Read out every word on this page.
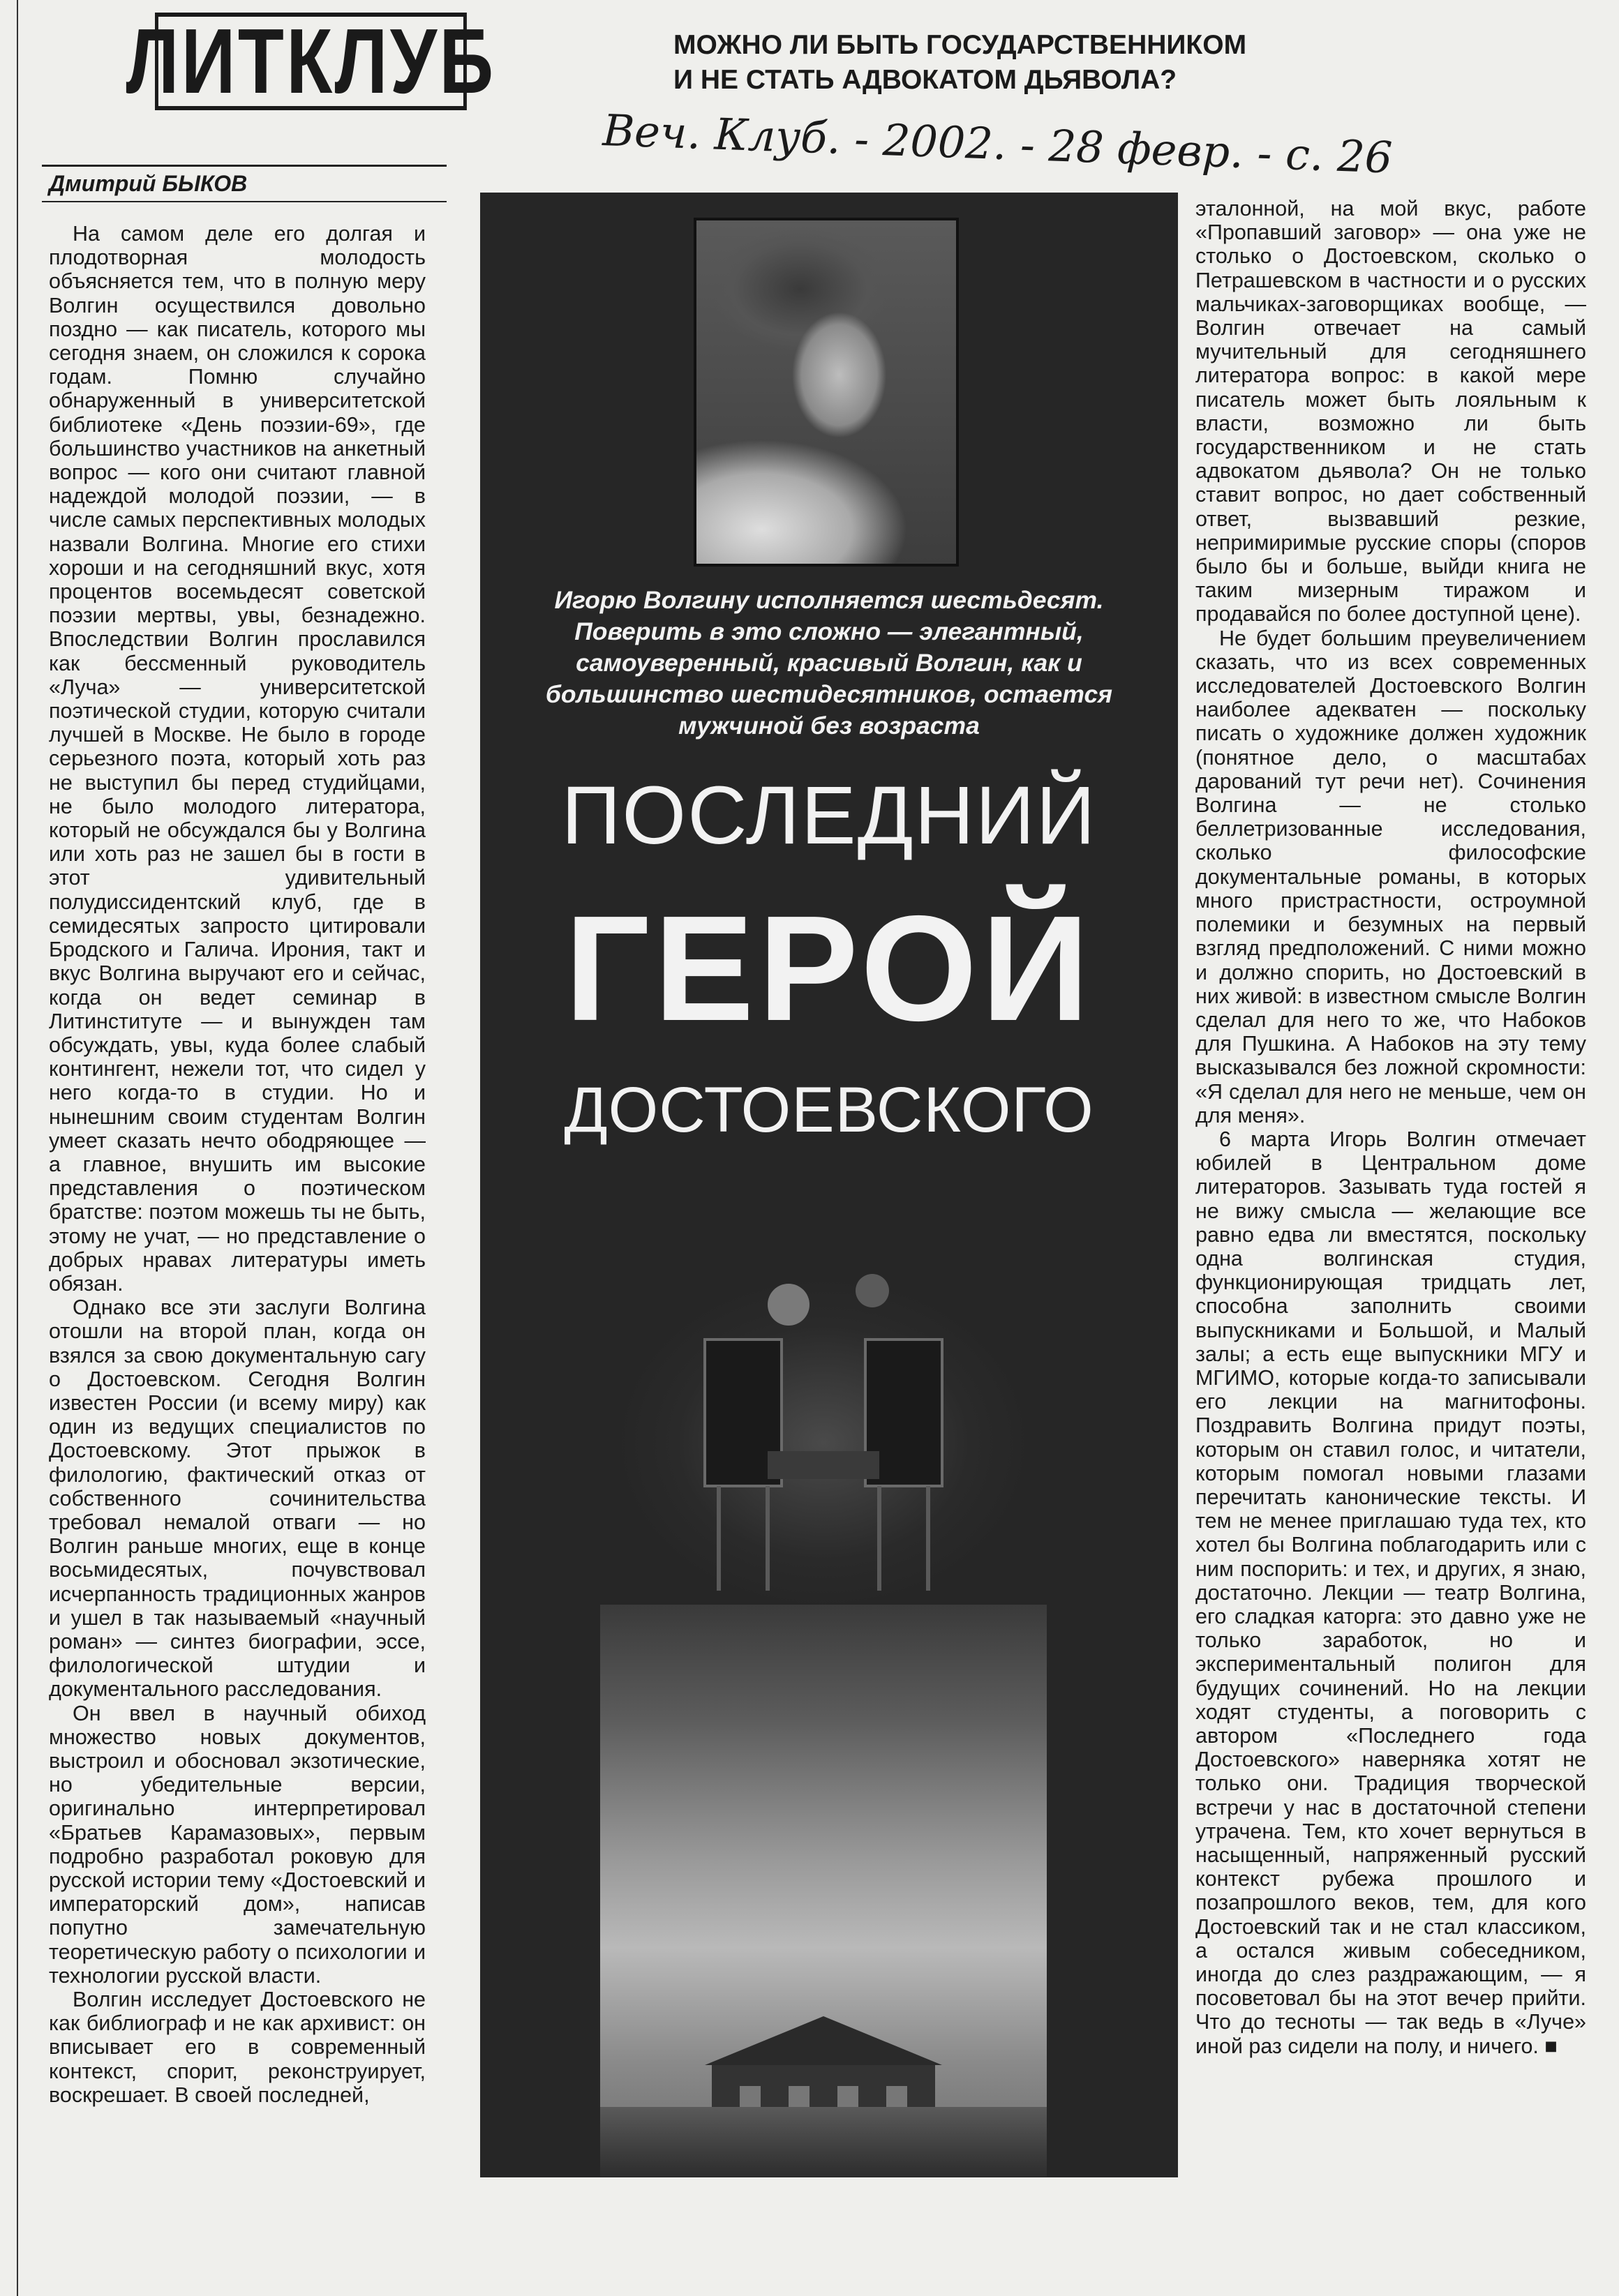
ЛИТКЛУБ	МОЖНО ЛИ БЫТЬ ГОСУДАРСТВЕННИКОМ
И НЕ СТАТЬ АДВОКАТОМ ДЬЯВОЛА?
Веч. Клуб. - 2002. - 28 февр. - с. 26
Дмитрий БЫКОВ

На самом деле его долгая и плодотворная молодость объясняется тем, что в полную меру Волгин осуществился довольно поздно — как писатель, которого мы сегодня знаем, он сложился к сорока годам. Помню случайно обнаруженный в университетской библиотеке «День поэзии-69», где большинство участников на анкетный вопрос — кого они считают главной надеждой молодой поэзии, — в числе самых перспективных молодых назвали Волгина. Многие его стихи хороши и на сегодняшний вкус, хотя процентов восемьдесят советской поэзии мертвы, увы, безнадежно. Впоследствии Волгин прославился как бессменный руководитель «Луча» — университетской поэтической студии, которую считали лучшей в Москве. Не было в городе серьезного поэта, который хоть раз не выступил бы перед студийцами, не было молодого литератора, который не обсуждался бы у Волгина или хоть раз не зашел бы в гости в этот удивительный полудиссидентский клуб, где в семидесятых запросто цитировали Бродского и Галича. Ирония, такт и вкус Волгина выручают его и сейчас, когда он ведет семинар в Литинституте — и вынужден там обсуждать, увы, куда более слабый контингент, нежели тот, что сидел у него когда-то в студии. Но и нынешним своим студентам Волгин умеет сказать нечто ободряющее — а главное, внушить им высокие представления о поэтическом братстве: поэтом можешь ты не быть, этому не учат, — но представление о добрых нравах литературы иметь обязан.

Однако все эти заслуги Волгина отошли на второй план, когда он взялся за свою документальную сагу о Достоевском. Сегодня Волгин известен России (и всему миру) как один из ведущих специалистов по Достоевскому. Этот прыжок в филологию, фактический отказ от собственного сочинительства требовал немалой отваги — но Волгин раньше многих, еще в конце восьмидесятых, почувствовал исчерпанность традиционных жанров и ушел в так называемый «научный роман» — синтез биографии, эссе, филологической штудии и документального расследования.

Он ввел в научный обиход множество новых документов, выстроил и обосновал экзотические, но убедительные версии, оригинально интерпретировал «Братьев Карамазовых», первым подробно разработал роковую для русской истории тему «Достоевский и императорский дом», написав попутно замечательную теоретическую работу о психологии и технологии русской власти.

Волгин исследует Достоевского не как библиограф и не как архивист: он вписывает его в современный контекст, спорит, реконструирует, воскрешает. В своей последней,

Игорю Волгину исполняется шестьдесят. Поверить в это сложно — элегантный, самоуверенный, красивый Волгин, как и большинство шестидесятников, остается мужчиной без возраста
ПОСЛЕДНИЙ
ГЕРОЙ
ДОСТОЕВСКОГО

эталонной, на мой вкус, работе «Пропавший заговор» — она уже не столько о Достоевском, сколько о Петрашевском в частности и о русских мальчиках-заговорщиках вообще, — Волгин отвечает на самый мучительный для сегодняшнего литератора вопрос: в какой мере писатель может быть лояльным к власти, возможно ли быть государственником и не стать адвокатом дьявола? Он не только ставит вопрос, но дает собственный ответ, вызвавший резкие, непримиримые русские споры (споров было бы и больше, выйди книга не таким мизерным тиражом и продавайся по более доступной цене).

Не будет большим преувеличением сказать, что из всех современных исследователей Достоевского Волгин наиболее адекватен — поскольку писать о художнике должен художник (понятное дело, о масштабах дарований тут речи нет). Сочинения Волгина — не столько беллетризованные исследования, сколько философские документальные романы, в которых много пристрастности, остроумной полемики и безумных на первый взгляд предположений. С ними можно и должно спорить, но Достоевский в них живой: в известном смысле Волгин сделал для него то же, что Набоков для Пушкина. А Набоков на эту тему высказывался без ложной скромности: «Я сделал для него не меньше, чем он для меня».

6 марта Игорь Волгин отмечает юбилей в Центральном доме литераторов. Зазывать туда гостей я не вижу смысла — желающие все равно едва ли вместятся, поскольку одна волгинская студия, функционирующая тридцать лет, способна заполнить своими выпускниками и Большой, и Малый залы; а есть еще выпускники МГУ и МГИМО, которые когда-то записывали его лекции на магнитофоны. Поздравить Волгина придут поэты, которым он ставил голос, и читатели, которым помогал новыми глазами перечитать канонические тексты. И тем не менее приглашаю туда тех, кто хотел бы Волгина поблагодарить или с ним поспорить: и тех, и других, я знаю, достаточно. Лекции — театр Волгина, его сладкая каторга: это давно уже не только заработок, но и экспериментальный полигон для будущих сочинений. Но на лекции ходят студенты, а поговорить с автором «Последнего года Достоевского» наверняка хотят не только они. Традиция творческой встречи у нас в достаточной степени утрачена. Тем, кто хочет вернуться в насыщенный, напряженный русский контекст рубежа прошлого и позапрошлого веков, тем, для кого Достоевский так и не стал классиком, а остался живым собеседником, иногда до слез раздражающим, — я посоветовал бы на этот вечер прийти. Что до тесноты — так ведь в «Луче» иной раз сидели на полу, и ничего. ■
